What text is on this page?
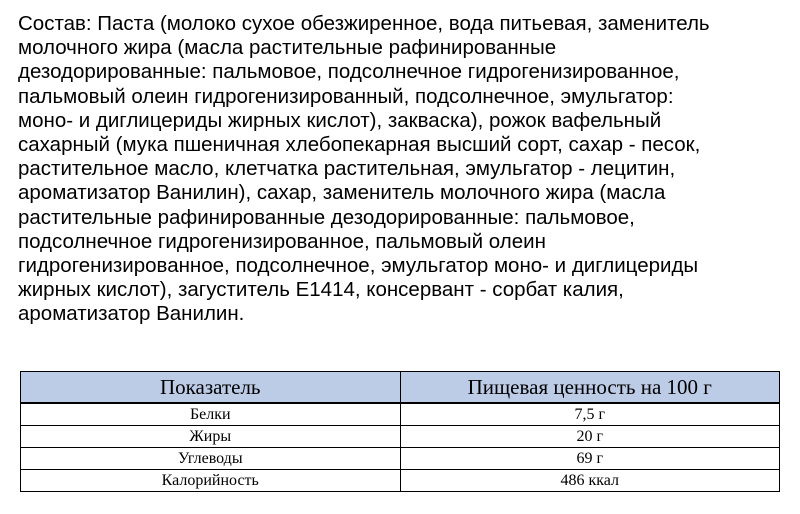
Состав: Паста (молоко сухое обезжиренное, вода питьевая, заменитель
молочного жира (масла растительные рафинированные
дезодорированные: пальмовое, подсолнечное гидрогенизированное,
пальмовый олеин гидрогенизированный, подсолнечное, эмульгатор:
моно- и диглицериды жирных кислот), закваска), рожок вафельный
сахарный (мука пшеничная хлебопекарная высший сорт, сахар - песок,
растительное масло, клетчатка растительная, эмульгатор - лецитин,
ароматизатор Ванилин), сахар, заменитель молочного жира (масла
растительные рафинированные дезодорированные: пальмовое,
подсолнечное гидрогенизированное, пальмовый олеин
гидрогенизированное, подсолнечное, эмульгатор моно- и диглицериды
жирных кислот), загуститель Е1414, консервант - сорбат калия,
ароматизатор Ванилин.
Показатель	Пищевая ценность на 100 г
Белки	7,5 г
Жиры	20 г
Углеводы	69 г
Калорийность	486 ккал
